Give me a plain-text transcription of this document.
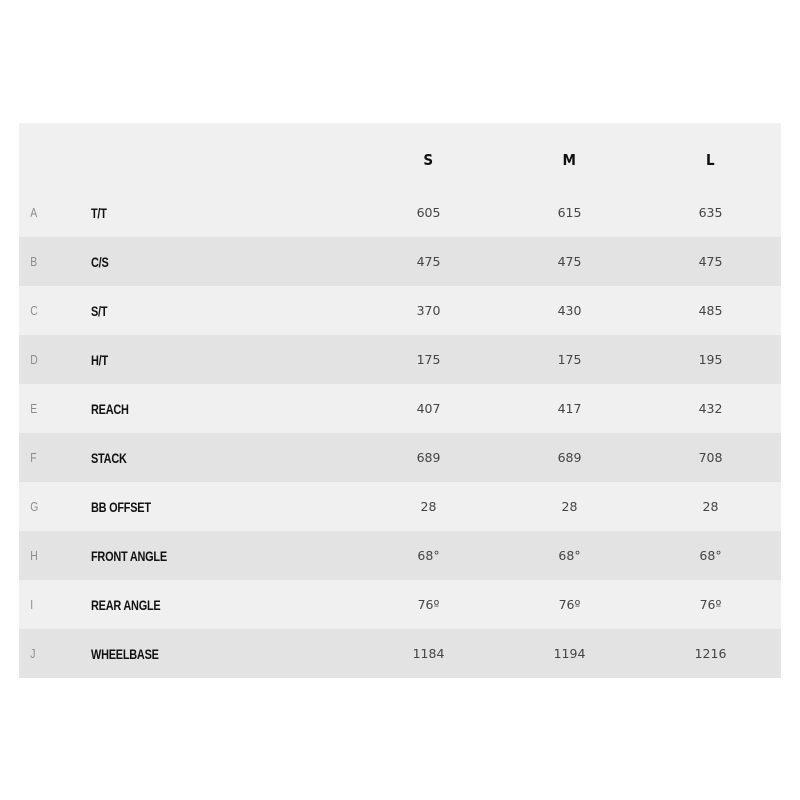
		S	M	L
A	T/T	605	615	635
B	C/S	475	475	475
C	S/T	370	430	485
D	H/T	175	175	195
E	REACH	407	417	432
F	STACK	689	689	708
G	BB OFFSET	28	28	28
H	FRONT ANGLE	68°	68°	68°
I	REAR ANGLE	76º	76º	76º
J	WHEELBASE	1184	1194	1216
